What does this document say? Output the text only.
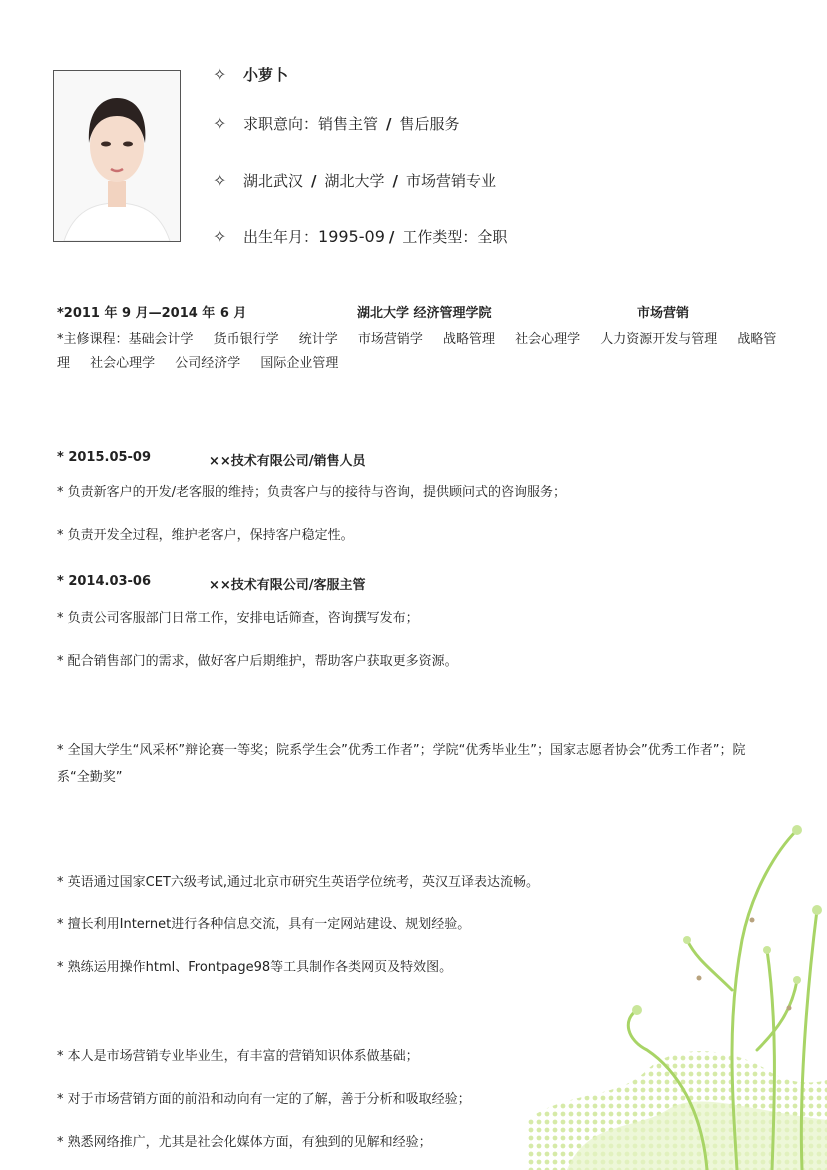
✧	小萝卜
✧	求职意向： 销售主管 / 售后服务
✧	湖北武汉 / 湖北大学 / 市场营销专业
✧	出生年月： 1995-09 / 工作类型：全职
*2011 年 9 月—2014 年 6 月	湖北大学 经济管理学院	市场营销
*主修课程：基础会计学 货币银行学 统计学 市场营销学 战略管理 社会心理学 人力资源开发与管理 战略管理 社会心理学 公司经济学 国际企业管理
* 2015.05-09	××技术有限公司/销售人员
* 负责新客户的开发/老客服的维持；负责客户与的接待与咨询，提供顾问式的咨询服务；
* 负责开发全过程，维护老客户，保持客户稳定性。
* 2014.03-06	××技术有限公司/客服主管
* 负责公司客服部门日常工作，安排电话筛查，咨询撰写发布；
* 配合销售部门的需求，做好客户后期维护，帮助客户获取更多资源。
* 全国大学生“风采杯”辩论赛一等奖；院系学生会”优秀工作者”；学院“优秀毕业生”；国家志愿者协会”优秀工作者”；院系“全勤奖”
* 英语通过国家CET六级考试,通过北京市研究生英语学位统考，英汉互译表达流畅。
* 擅长利用Internet进行各种信息交流，具有一定网站建设、规划经验。
* 熟练运用操作html、Frontpage98等工具制作各类网页及特效图。
* 本人是市场营销专业毕业生，有丰富的营销知识体系做基础；
* 对于市场营销方面的前沿和动向有一定的了解，善于分析和吸取经验；
* 熟悉网络推广，尤其是社会化媒体方面，有独到的见解和经验；
